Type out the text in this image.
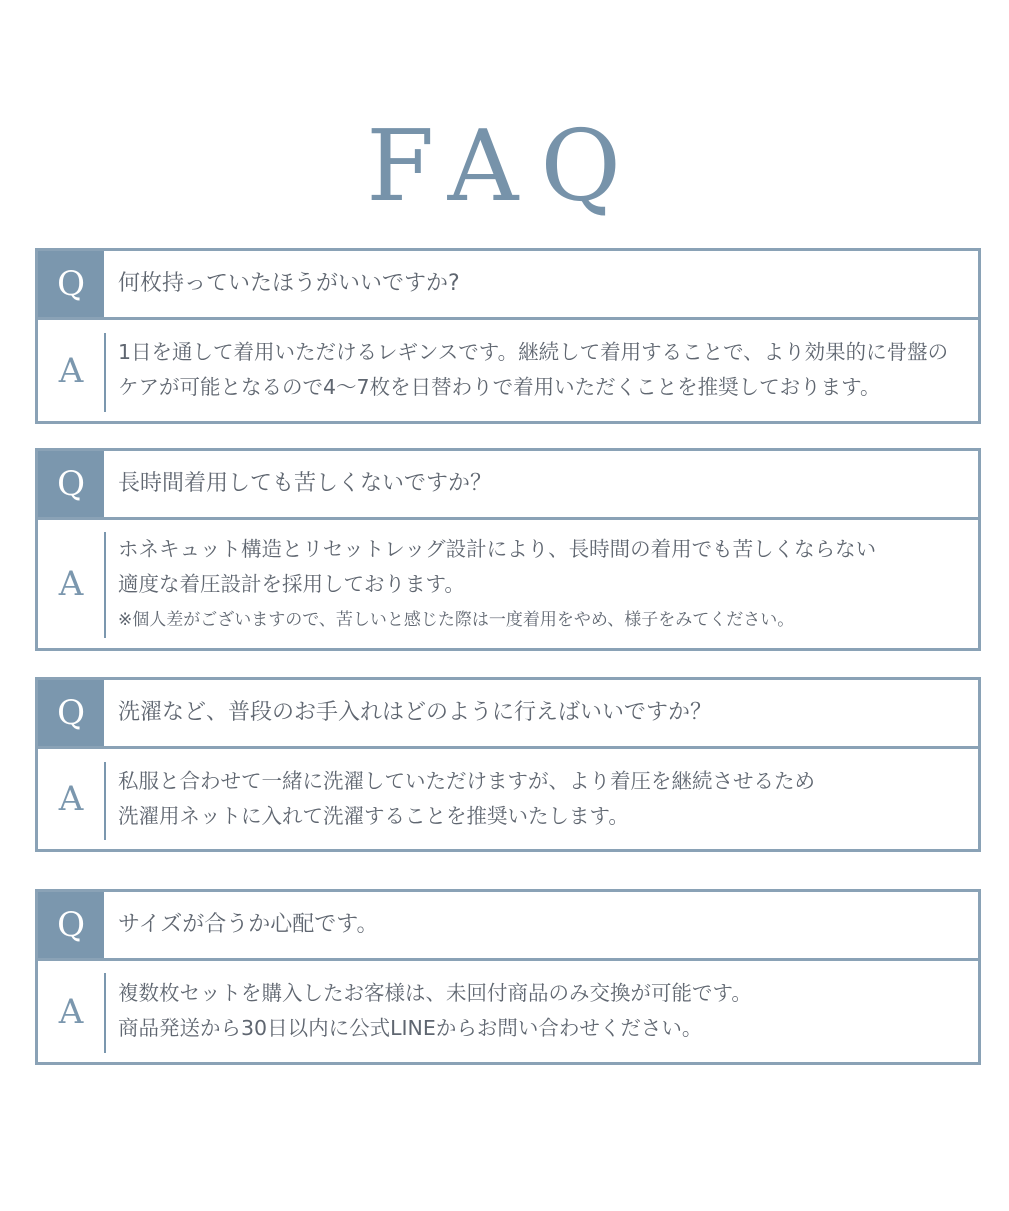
FAQ
Q	何枚持っていたほうがいいですか?
A	1日を通して着用いただけるレギンスです。継続して着用することで、より効果的に骨盤の
ケアが可能となるので4〜7枚を日替わりで着用いただくことを推奨しております。
Q	長時間着用しても苦しくないですか？
A
ホネキュット構造とリセットレッグ設計により、長時間の着用でも苦しくならない
適度な着圧設計を採用しております。
※個人差がございますので、苦しいと感じた際は一度着用をやめ、様子をみてください。
Q	洗濯など、普段のお手入れはどのように行えばいいですか？
A	私服と合わせて一緒に洗濯していただけますが、より着圧を継続させるため
洗濯用ネットに入れて洗濯することを推奨いたします。
Q	サイズが合うか心配です。
A	複数枚セットを購入したお客様は、未回付商品のみ交換が可能です。
商品発送から30日以内に公式LINEからお問い合わせください。
